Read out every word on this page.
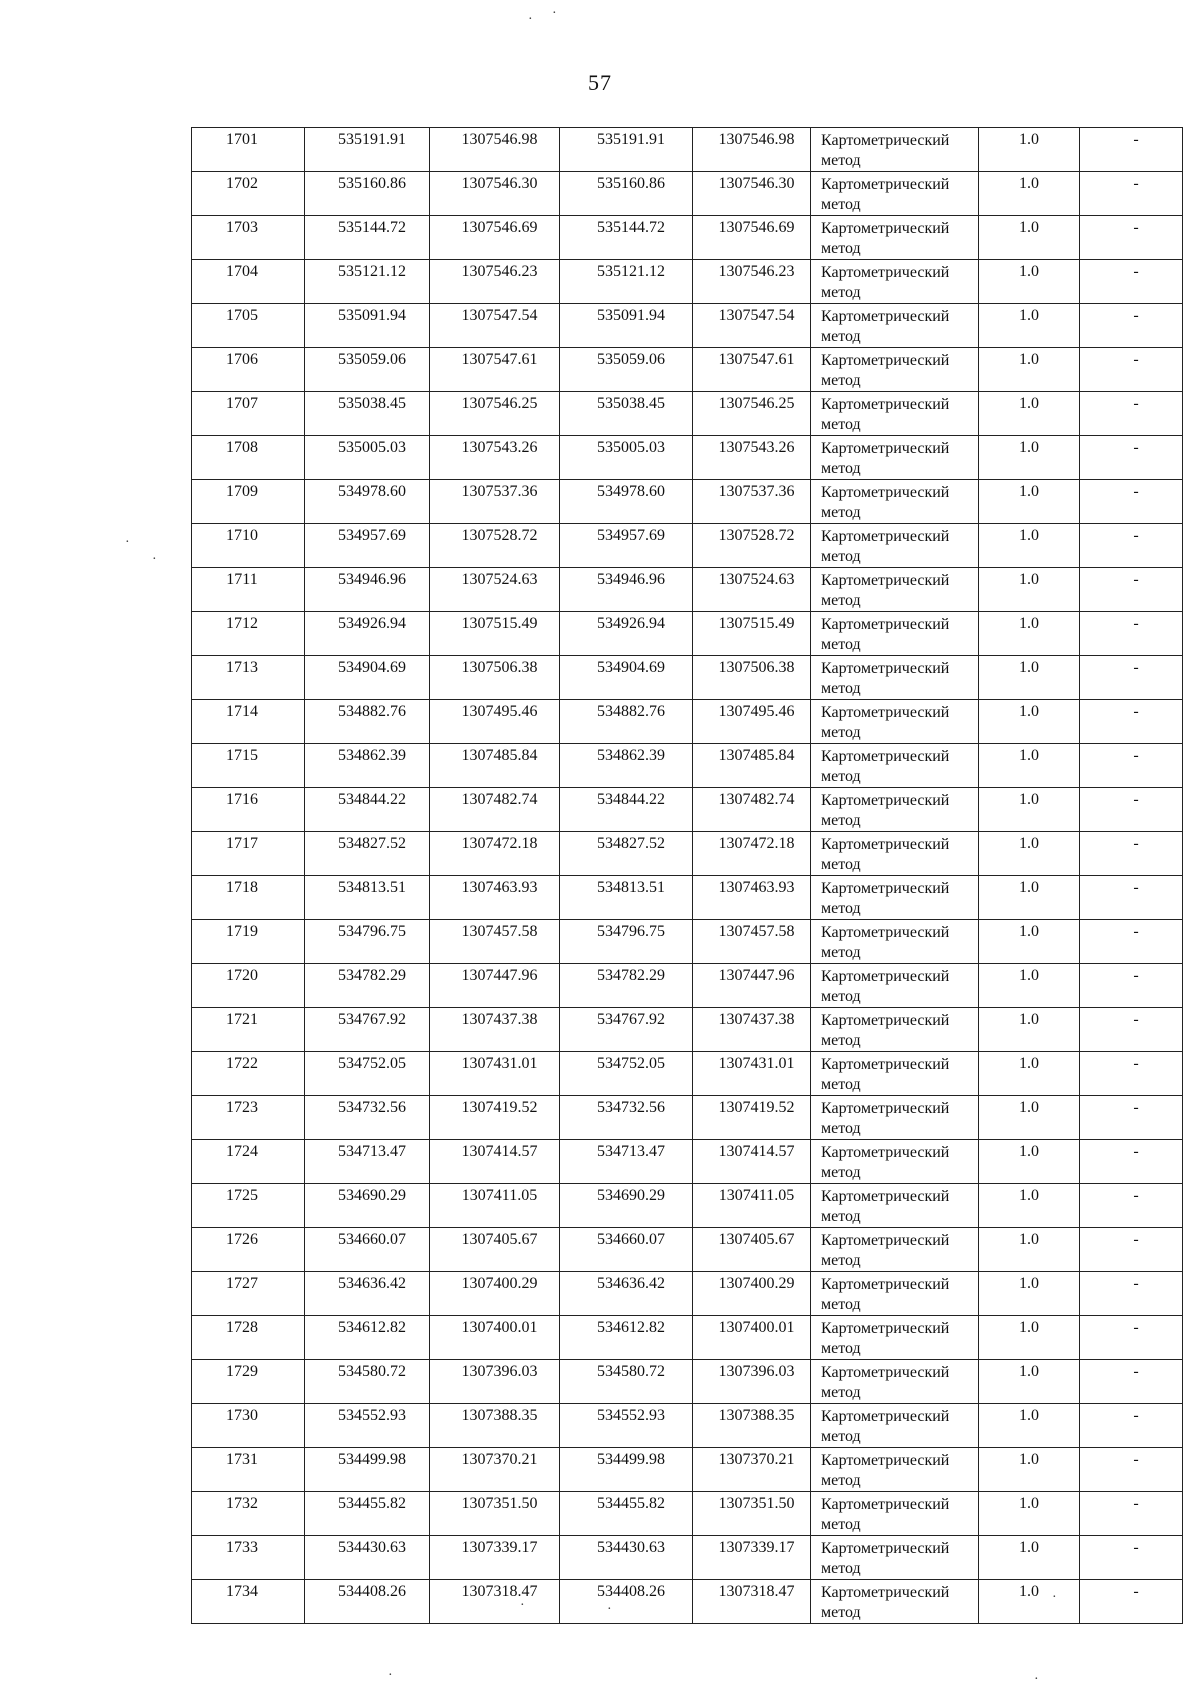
· ·
·
·
·	·
·
·	·
57
1701	535191.91	1307546.98	535191.91	1307546.98	Картометрический метод	1.0	-

1702	535160.86	1307546.30	535160.86	1307546.30	Картометрический метод	1.0	-

1703	535144.72	1307546.69	535144.72	1307546.69	Картометрический метод	1.0	-

1704	535121.12	1307546.23	535121.12	1307546.23	Картометрический метод	1.0	-

1705	535091.94	1307547.54	535091.94	1307547.54	Картометрический метод	1.0	-

1706	535059.06	1307547.61	535059.06	1307547.61	Картометрический метод	1.0	-

1707	535038.45	1307546.25	535038.45	1307546.25	Картометрический метод	1.0	-

1708	535005.03	1307543.26	535005.03	1307543.26	Картометрический метод	1.0	-

1709	534978.60	1307537.36	534978.60	1307537.36	Картометрический метод	1.0	-

1710	534957.69	1307528.72	534957.69	1307528.72	Картометрический метод	1.0	-

1711	534946.96	1307524.63	534946.96	1307524.63	Картометрический метод	1.0	-

1712	534926.94	1307515.49	534926.94	1307515.49	Картометрический метод	1.0	-

1713	534904.69	1307506.38	534904.69	1307506.38	Картометрический метод	1.0	-

1714	534882.76	1307495.46	534882.76	1307495.46	Картометрический метод	1.0	-

1715	534862.39	1307485.84	534862.39	1307485.84	Картометрический метод	1.0	-

1716	534844.22	1307482.74	534844.22	1307482.74	Картометрический метод	1.0	-

1717	534827.52	1307472.18	534827.52	1307472.18	Картометрический метод	1.0	-

1718	534813.51	1307463.93	534813.51	1307463.93	Картометрический метод	1.0	-

1719	534796.75	1307457.58	534796.75	1307457.58	Картометрический метод	1.0	-

1720	534782.29	1307447.96	534782.29	1307447.96	Картометрический метод	1.0	-

1721	534767.92	1307437.38	534767.92	1307437.38	Картометрический метод	1.0	-

1722	534752.05	1307431.01	534752.05	1307431.01	Картометрический метод	1.0	-

1723	534732.56	1307419.52	534732.56	1307419.52	Картометрический метод	1.0	-

1724	534713.47	1307414.57	534713.47	1307414.57	Картометрический метод	1.0	-

1725	534690.29	1307411.05	534690.29	1307411.05	Картометрический метод	1.0	-

1726	534660.07	1307405.67	534660.07	1307405.67	Картометрический метод	1.0	-

1727	534636.42	1307400.29	534636.42	1307400.29	Картометрический метод	1.0	-

1728	534612.82	1307400.01	534612.82	1307400.01	Картометрический метод	1.0	-

1729	534580.72	1307396.03	534580.72	1307396.03	Картометрический метод	1.0	-

1730	534552.93	1307388.35	534552.93	1307388.35	Картометрический метод	1.0	-

1731	534499.98	1307370.21	534499.98	1307370.21	Картометрический метод	1.0	-

1732	534455.82	1307351.50	534455.82	1307351.50	Картометрический метод	1.0	-

1733	534430.63	1307339.17	534430.63	1307339.17	Картометрический метод	1.0	-

1734	534408.26	1307318.47	534408.26	1307318.47	Картометрический метод	1.0	-
